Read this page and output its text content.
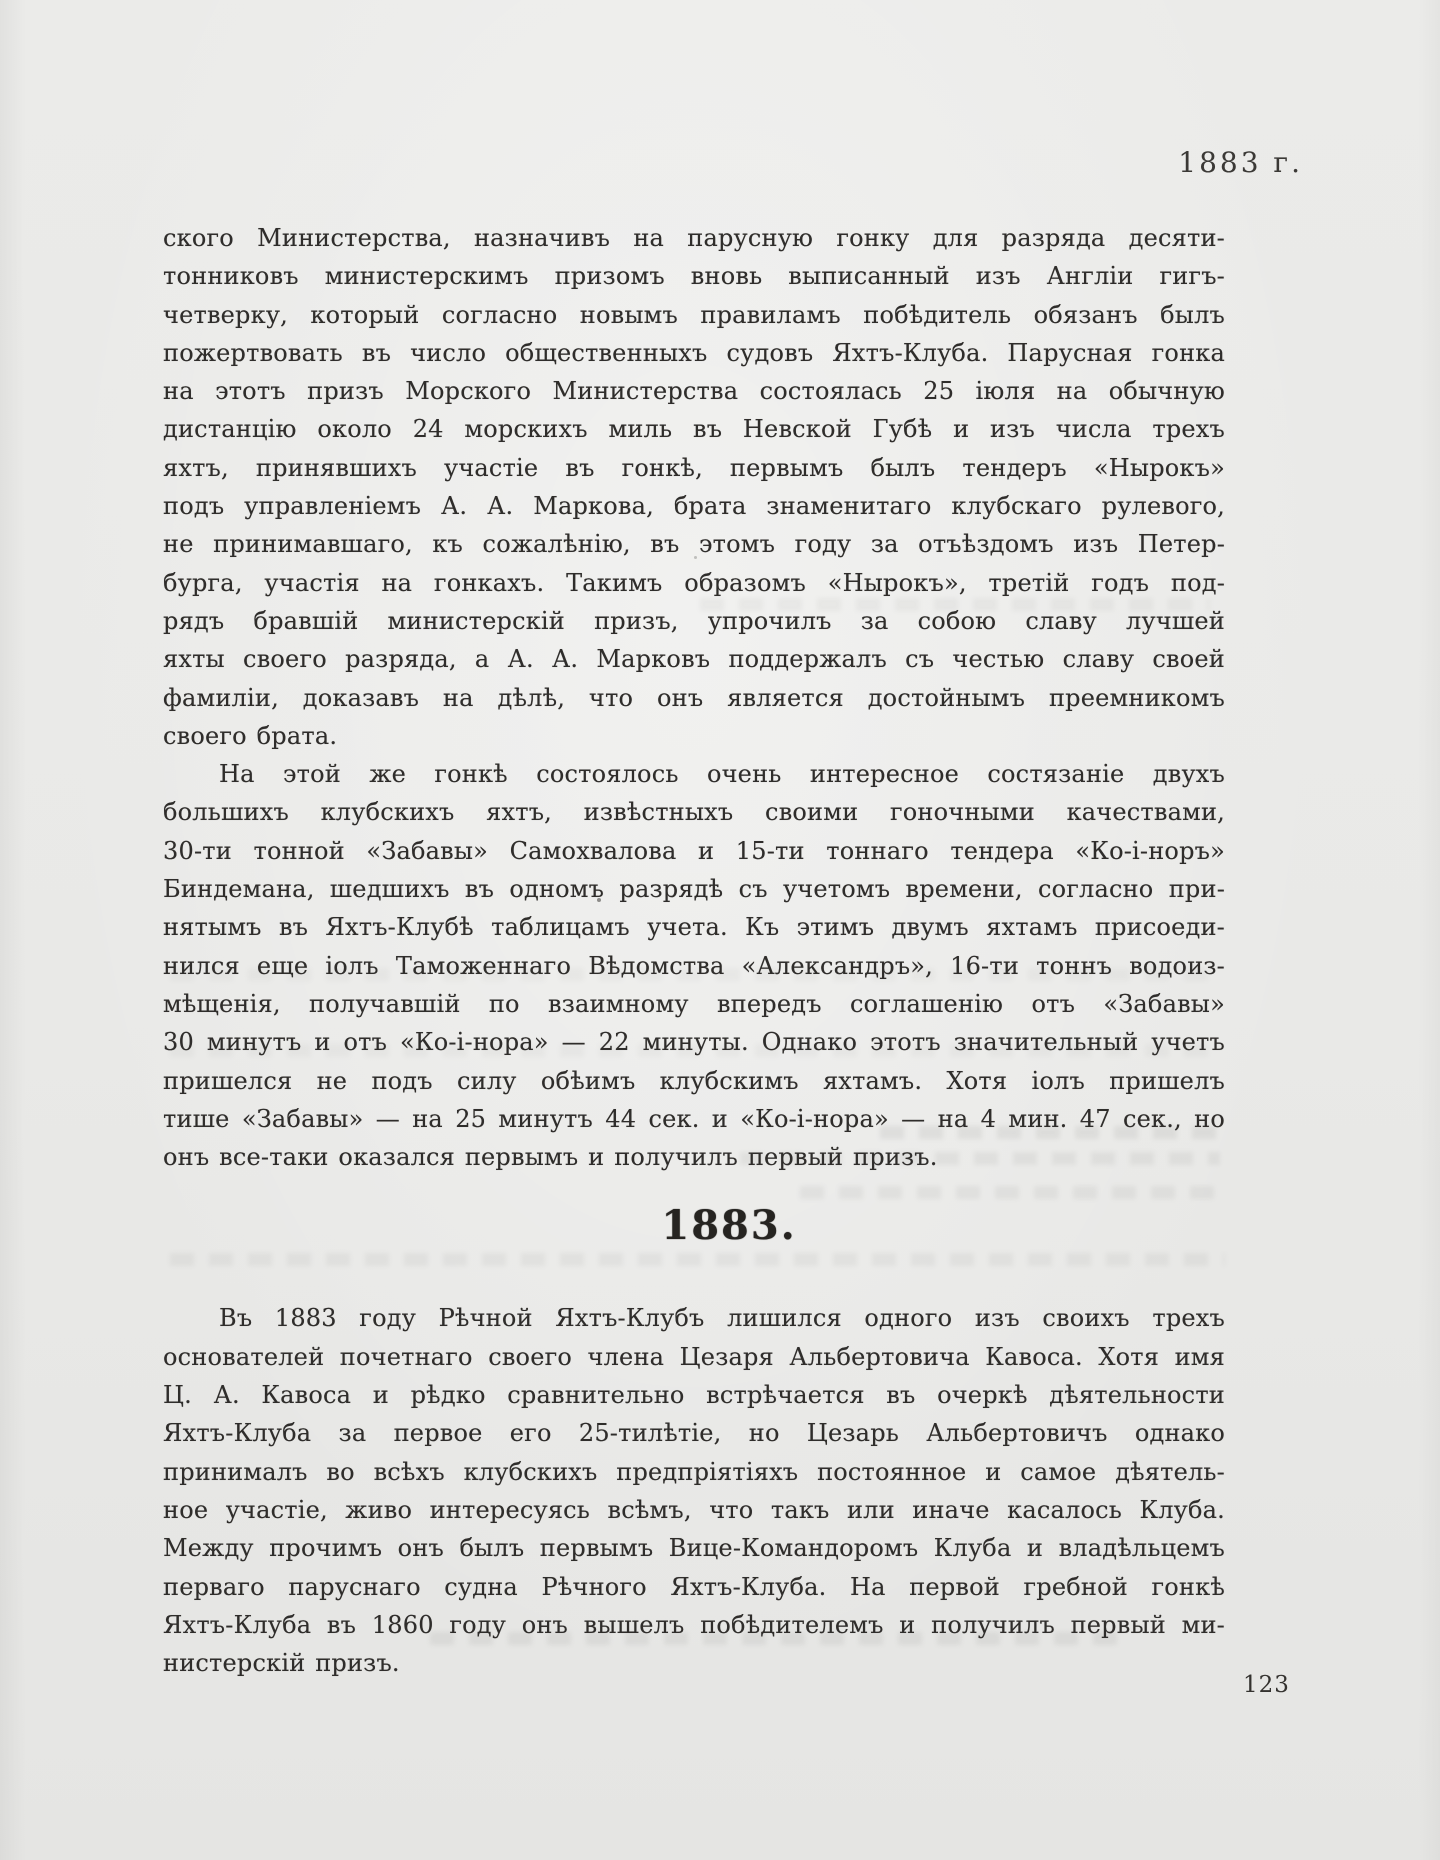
1883 г.
ского Министерства, назначивъ на парусную гонку для разряда десяти-
тонниковъ министерскимъ призомъ вновь выписанный изъ Англіи гигъ-
четверку, который согласно новымъ правиламъ побѣдитель обязанъ былъ
пожертвовать въ число общественныхъ судовъ Яхтъ-Клуба. Парусная гонка
на этотъ призъ Морского Министерства состоялась 25 іюля на обычную
дистанцію около 24 морскихъ миль въ Невской Губѣ и изъ числа трехъ
яхтъ, принявшихъ участіе въ гонкѣ, первымъ былъ тендеръ «Нырокъ»
подъ управленіемъ А. А. Маркова, брата знаменитаго клубскаго рулевого,
не принимавшаго, къ сожалѣнію, въ этомъ году за отъѣздомъ изъ Петер-
бурга, участія на гонкахъ. Такимъ образомъ «Нырокъ», третій годъ под-
рядъ бравшій министерскій призъ, упрочилъ за собою славу лучшей
яхты своего разряда, а А. А. Марковъ поддержалъ съ честью славу своей
фамиліи, доказавъ на дѣлѣ, что онъ является достойнымъ преемникомъ
своего брата.
На этой же гонкѣ состоялось очень интересное состязаніе двухъ
большихъ клубскихъ яхтъ, извѣстныхъ своими гоночными качествами,
30-ти тонной «Забавы» Самохвалова и 15-ти тоннаго тендера «Ко-і-норъ»
Биндемана, шедшихъ въ одномъ разрядѣ съ учетомъ времени, согласно при-
нятымъ въ Яхтъ-Клубѣ таблицамъ учета. Къ этимъ двумъ яхтамъ присоеди-
нился еще іолъ Таможеннаго Вѣдомства «Александръ», 16-ти тоннъ водоиз-
мѣщенія, получавшій по взаимному впередъ соглашенію отъ «Забавы»
30 минутъ и отъ «Ко-і-нора» — 22 минуты. Однако этотъ значительный учетъ
пришелся не подъ силу обѣимъ клубскимъ яхтамъ. Хотя іолъ пришелъ
тише «Забавы» — на 25 минутъ 44 сек. и «Ко-і-нора» — на 4 мин. 47 сек., но
онъ все-таки оказался первымъ и получилъ первый призъ.
1883.
Въ 1883 году Рѣчной Яхтъ-Клубъ лишился одного изъ своихъ трехъ
основателей почетнаго своего члена Цезаря Альбертовича Кавоса. Хотя имя
Ц. А. Кавоса и рѣдко сравнительно встрѣчается въ очеркѣ дѣятельности
Яхтъ-Клуба за первое его 25-тилѣтіе, но Цезарь Альбертовичъ однако
принималъ во всѣхъ клубскихъ предпріятіяхъ постоянное и самое дѣятель-
ное участіе, живо интересуясь всѣмъ, что такъ или иначе касалось Клуба.
Между прочимъ онъ былъ первымъ Вице-Командоромъ Клуба и владѣльцемъ
перваго паруснаго судна Рѣчного Яхтъ-Клуба. На первой гребной гонкѣ
Яхтъ-Клуба въ 1860 году онъ вышелъ побѣдителемъ и получилъ первый ми-
нистерскій призъ.
123
